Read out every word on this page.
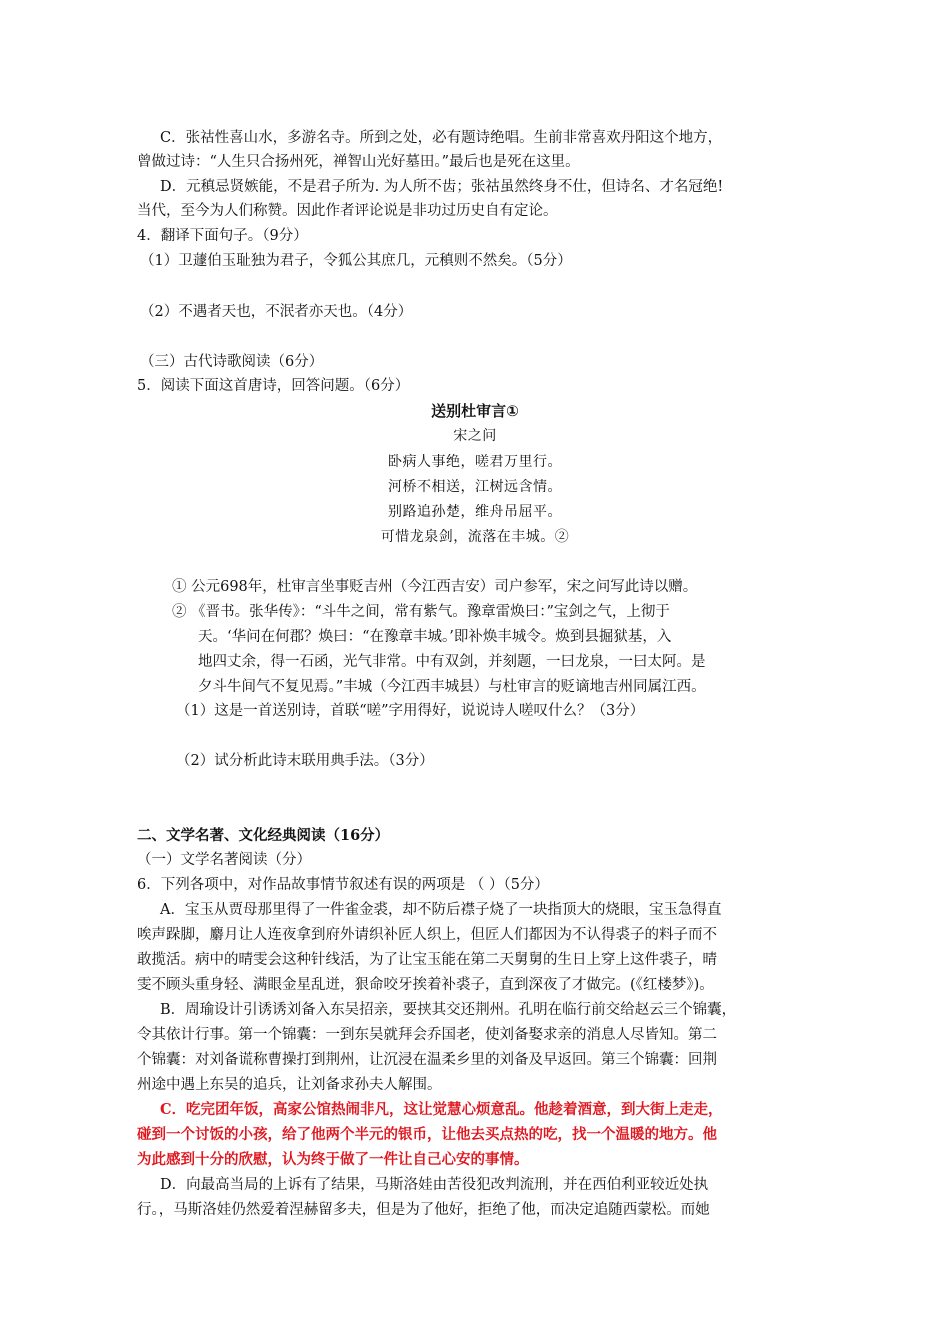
C．张祜性喜山水，多游名寺。所到之处，必有题诗绝唱。生前非常喜欢丹阳这个地方，
曾做过诗：“人生只合扬州死，禅智山光好墓田。”最后也是死在这里。
D．元稹忌贤嫉能，不是君子所为. 为人所不齿；张祜虽然终身不仕，但诗名、才名冠绝!
当代，至今为人们称赞。因此作者评论说是非功过历史自有定论。
4．翻译下面句子。（9分）
（1）卫蘧伯玉耻独为君子，令狐公其庶几，元稹则不然矣。（5分）
（2）不遇者天也，不泯者亦天也。（4分）
（三）古代诗歌阅读（6分）
5．阅读下面这首唐诗，回答问题。（6分）
送别杜审言①
宋之问
卧病人事绝，嗟君万里行。
河桥不相送，江树远含情。
别路追孙楚，维舟吊屈平。
可惜龙泉剑，流落在丰城。②
① 公元698年，杜审言坐事贬吉州（今江西吉安）司户参军，宋之问写此诗以赠。
② 《晋书。张华传》：“斗牛之间，常有紫气。豫章雷焕曰：”宝剑之气，上彻于
天。‘华问在何郡？焕曰：“在豫章丰城。’即补焕丰城令。焕到县掘狱基，入
地四丈余，得一石函，光气非常。中有双剑，并刻题，一曰龙泉，一曰太阿。是
夕斗牛间气不复见焉。”丰城（今江西丰城县）与杜审言的贬谪地吉州同属江西。
（1）这是一首送别诗，首联“嗟”字用得好，说说诗人嗟叹什么？（3分）
（2）试分析此诗末联用典手法。（3分）
二、文学名著、文化经典阅读（16分）
（一）文学名著阅读（分）
6．下列各项中，对作品故事情节叙述有误的两项是 （ ）（5分）
A．宝玉从贾母那里得了一件雀金裘，却不防后襟子烧了一块指顶大的烧眼，宝玉急得直
唉声跺脚，麝月让人连夜拿到府外请织补匠人织上，但匠人们都因为不认得裘子的料子而不
敢揽活。病中的晴雯会这种针线活，为了让宝玉能在第二天舅舅的生日上穿上这件裘子，晴
雯不顾头重身轻、满眼金星乱迸，狠命咬牙挨着补裘子，直到深夜了才做完。(《红楼梦》)。
B．周瑜设计引诱诱刘备入东吴招亲，要挟其交还荆州。孔明在临行前交给赵云三个锦囊，
令其依计行事。第一个锦囊：一到东吴就拜会乔国老，使刘备娶求亲的消息人尽皆知。第二
个锦囊：对刘备谎称曹操打到荆州，让沉浸在温柔乡里的刘备及早返回。第三个锦囊：回荆
州途中遇上东吴的追兵，让刘备求孙夫人解围。
C．吃完团年饭，高家公馆热闹非凡，这让觉慧心烦意乱。他趁着酒意，到大街上走走，
碰到一个讨饭的小孩，给了他两个半元的银币，让他去买点热的吃，找一个温暖的地方。他
为此感到十分的欣慰，认为终于做了一件让自己心安的事情。
D．向最高当局的上诉有了结果，马斯洛娃由苦役犯改判流刑，并在西伯利亚较近处执
行。，马斯洛娃仍然爱着涅赫留多夫，但是为了他好，拒绝了他，而决定追随西蒙松。而她
